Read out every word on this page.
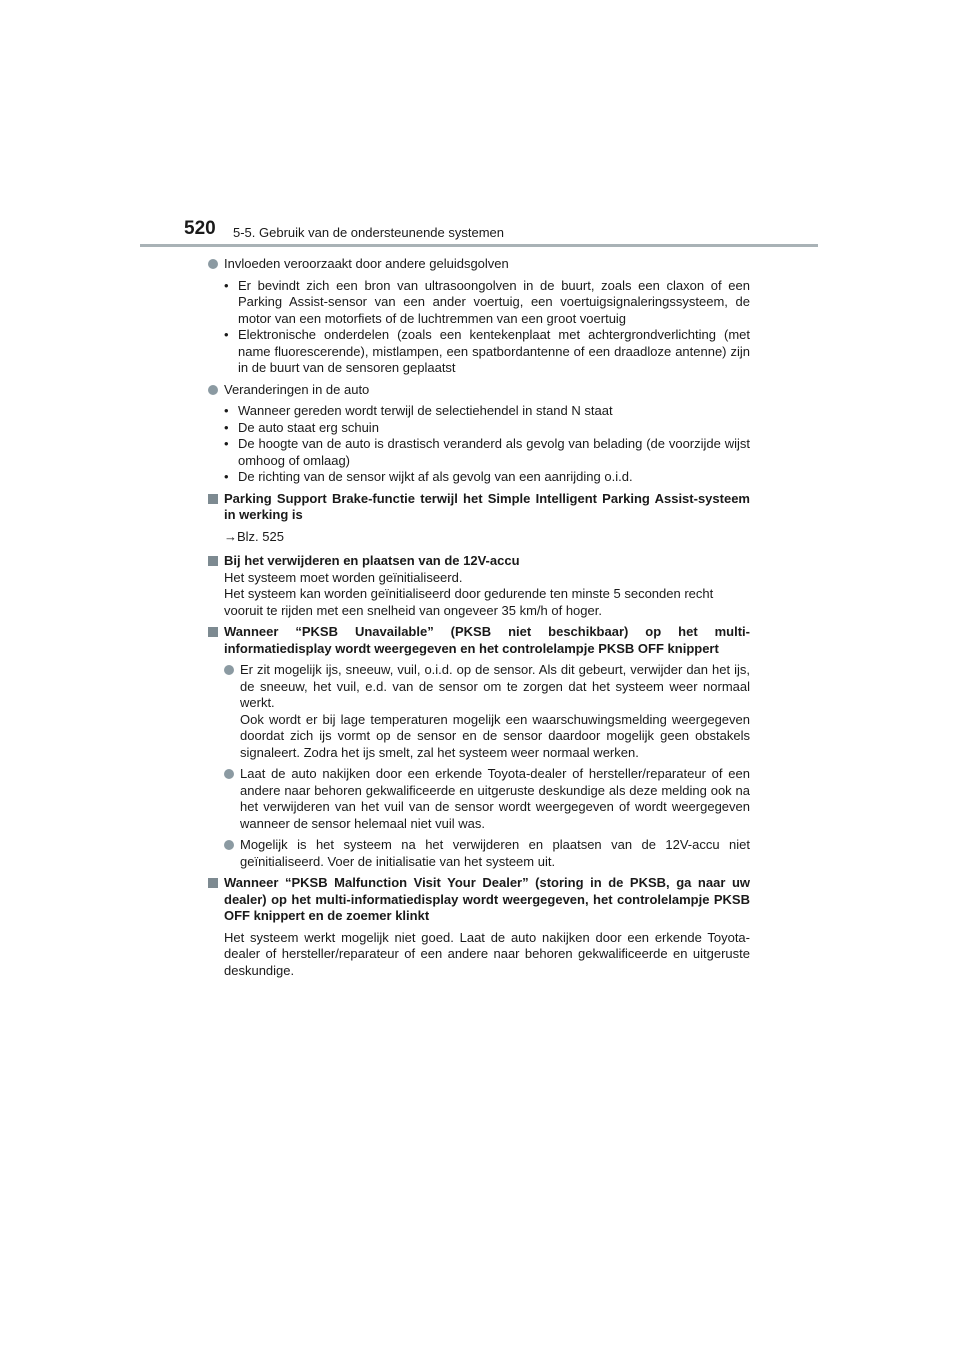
520 5-5. Gebruik van de ondersteunende systemen
Invloeden veroorzaakt door andere geluidsgolven
• Er bevindt zich een bron van ultrasoongolven in de buurt, zoals een claxon of een Parking Assist-sensor van een ander voertuig, een voertuigsignaleringssysteem, de motor van een motorfiets of de luchtremmen van een groot voertuig
• Elektronische onderdelen (zoals een kentekenplaat met achtergrondverlichting (met name fluorescerende), mistlampen, een spatbordantenne of een draadloze antenne) zijn in de buurt van de sensoren geplaatst
Veranderingen in de auto
• Wanneer gereden wordt terwijl de selectiehendel in stand N staat
• De auto staat erg schuin
• De hoogte van de auto is drastisch veranderd als gevolg van belading (de voorzijde wijst omhoog of omlaag)
• De richting van de sensor wijkt af als gevolg van een aanrijding o.i.d.
Parking Support Brake-functie terwijl het Simple Intelligent Parking Assist-systeem in werking is
→Blz. 525
Bij het verwijderen en plaatsen van de 12V-accu
Het systeem moet worden geïnitialiseerd.
Het systeem kan worden geïnitialiseerd door gedurende ten minste 5 seconden recht vooruit te rijden met een snelheid van ongeveer 35 km/h of hoger.
Wanneer “PKSB Unavailable” (PKSB niet beschikbaar) op het multi-informatiedisplay wordt weergegeven en het controlelampje PKSB OFF knippert
Er zit mogelijk ijs, sneeuw, vuil, o.i.d. op de sensor. Als dit gebeurt, verwijder dan het ijs, de sneeuw, het vuil, e.d. van de sensor om te zorgen dat het systeem weer normaal werkt.
Ook wordt er bij lage temperaturen mogelijk een waarschuwingsmelding weergegeven doordat zich ijs vormt op de sensor en de sensor daardoor mogelijk geen obstakels signaleert. Zodra het ijs smelt, zal het systeem weer normaal werken.
Laat de auto nakijken door een erkende Toyota-dealer of hersteller/reparateur of een andere naar behoren gekwalificeerde en uitgeruste deskundige als deze melding ook na het verwijderen van het vuil van de sensor wordt weergegeven of wordt weergegeven wanneer de sensor helemaal niet vuil was.
Mogelijk is het systeem na het verwijderen en plaatsen van de 12V-accu niet geïnitialiseerd. Voer de initialisatie van het systeem uit.
Wanneer “PKSB Malfunction Visit Your Dealer” (storing in de PKSB, ga naar uw dealer) op het multi-informatiedisplay wordt weergegeven, het controlelampje PKSB OFF knippert en de zoemer klinkt
Het systeem werkt mogelijk niet goed. Laat de auto nakijken door een erkende Toyota-dealer of hersteller/reparateur of een andere naar behoren gekwalificeerde en uitgeruste deskundige.
